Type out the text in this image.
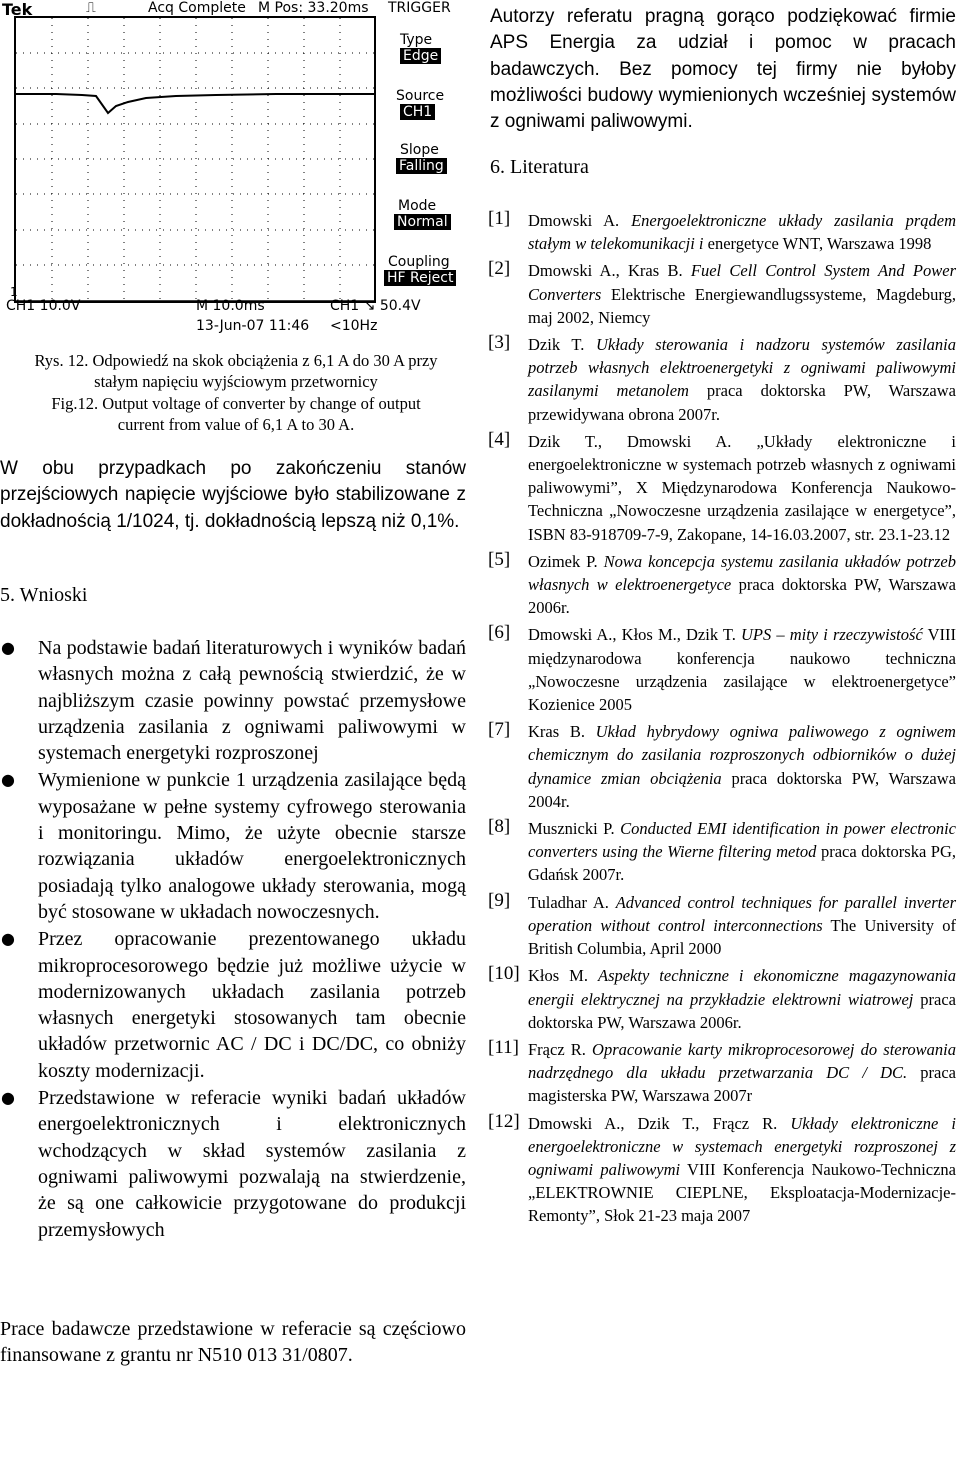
Tek	⎍	Acq Complete M Pos: 33.20ms TRIGGER
Type
Edge
Source
CH1
Slope
Falling
Mode
Normal
Coupling
HF Reject
1
CH1 10.0V	M 10.0ms	CH1 ↘ 50.4V
13-Jun-07 11:46 <10Hz
Rys. 12. Odpowiedź na skok obciążenia z 6,1 A do 30 A przy
stałym napięciu wyjściowym przetwornicy
Fig.12. Output voltage of converter by change of output
current from value of 6,1 A to 30 A.
W obu przypadkach po zakończeniu stanów przejściowych napięcie wyjściowe było stabilizowane z dokładnością 1/1024, tj. dokładnością lepszą niż 0,1%.
5. Wnioski
● Na podstawie badań literaturowych i wyników badań własnych można z całą pewnością stwierdzić, że w najbliższym czasie powinny powstać przemysłowe urządzenia zasilania z ogniwami paliwowymi w systemach energetyki rozproszonej
● Wymienione w punkcie 1 urządzenia zasilające będą wyposażane w pełne systemy cyfrowego sterowania i monitoringu. Mimo, że użyte obecnie starsze rozwiązania układów energoelektronicznych posiadają tylko analogowe układy sterowania, mogą być stosowane w układach nowoczesnych.
● Przez opracowanie prezentowanego układu mikroprocesorowego będzie już możliwe użycie w modernizowanych układach zasilania potrzeb własnych energetyki stosowanych tam obecnie układów przetwornic AC / DC i DC/DC, co obniży koszty modernizacji.
● Przedstawione w referacie wyniki badań układów energoelektronicznych i elektronicznych wchodzących w skład systemów zasilania z ogniwami paliwowymi pozwalają na stwierdzenie, że są one całkowicie przygotowane do produkcji przemysłowych
Prace badawcze przedstawione w referacie są częściowo finansowane z grantu nr N510 013 31/0807.
Autorzy referatu pragną gorąco podziękować firmie APS Energia za udział i pomoc w pracach badawczych. Bez pomocy tej firmy nie byłoby możliwości budowy wymienionych wcześniej systemów z ogniwami paliwowymi.
6. Literatura
[1] Dmowski A. Energoelektroniczne układy zasilania prądem stałym w telekomunikacji i energetyce WNT, Warszawa 1998
[2] Dmowski A., Kras B. Fuel Cell Control System And Power Converters Elektrische Energiewandlugssysteme, Magdeburg, maj 2002, Niemcy
[3] Dzik T. Układy sterowania i nadzoru systemów zasilania potrzeb własnych elektroenergetyki z ogniwami paliwowymi zasilanymi metanolem praca doktorska PW, Warszawa przewidywana obrona 2007r.
[4] Dzik T., Dmowski A. „Układy elektroniczne i energoelektroniczne w systemach potrzeb własnych z ogniwami paliwowymi”, X Międzynarodowa Konferencja Naukowo-Techniczna „Nowoczesne urządzenia zasilające w energetyce”, ISBN 83-918709-7-9, Zakopane, 14-16.03.2007, str. 23.1-23.12
[5] Ozimek P. Nowa koncepcja systemu zasilania układów potrzeb własnych w elektroenergetyce praca doktorska PW, Warszawa 2006r.
[6] Dmowski A., Kłos M., Dzik T. UPS – mity i rzeczywistość VIII międzynarodowa konferencja naukowo techniczna „Nowoczesne urządzenia zasilające w elektroenergetyce” Kozienice 2005
[7] Kras B. Układ hybrydowy ogniwa paliwowego z ogniwem chemicznym do zasilania rozproszonych odbiorników o dużej dynamice zmian obciążenia praca doktorska PW, Warszawa 2004r.
[8] Musznicki P. Conducted EMI identification in power electronic converters using the Wierne filtering metod praca doktorska PG, Gdańsk 2007r.
[9] Tuladhar A. Advanced control techniques for parallel inverter operation without control interconnections The University of British Columbia, April 2000
[10] Kłos M. Aspekty techniczne i ekonomiczne magazynowania energii elektrycznej na przykładzie elektrowni wiatrowej praca doktorska PW, Warszawa 2006r.
[11] Frącz R. Opracowanie karty mikroprocesorowej do sterowania nadrzędnego dla układu przetwarzania DC / DC. praca magisterska PW, Warszawa 2007r
[12] Dmowski A., Dzik T., Frącz R. Układy elektroniczne i energoelektroniczne w systemach energetyki rozproszonej z ogniwami paliwowymi VIII Konferencja Naukowo-Techniczna „ELEKTROWNIE CIEPLNE, Eksploatacja-Modernizacje-Remonty”, Słok 21-23 maja 2007
